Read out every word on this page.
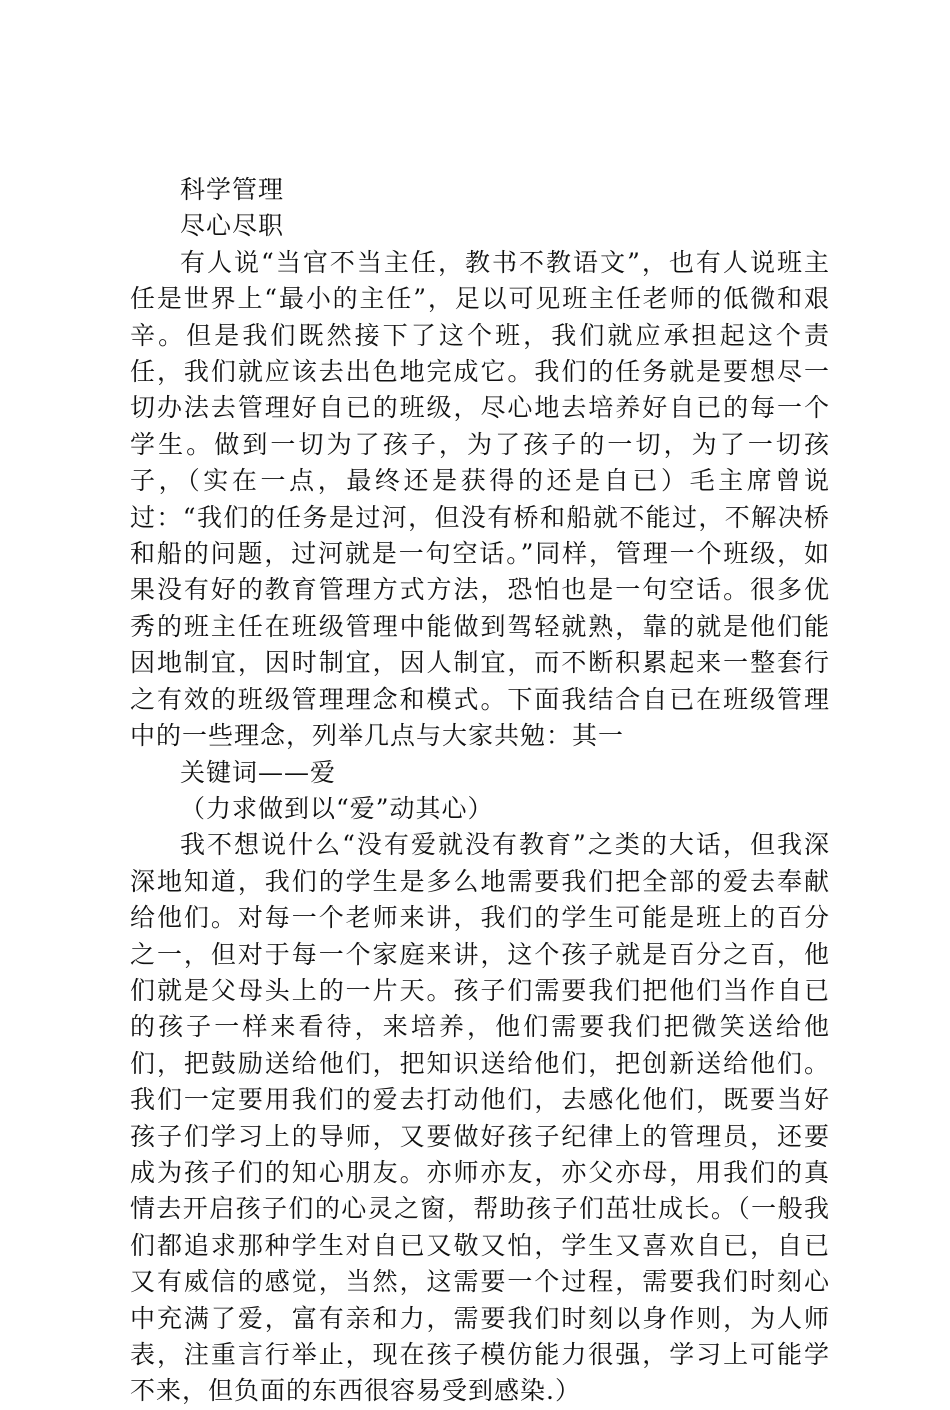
科学管理

尽心尽职

有人说“当官不当主任，教书不教语文”，也有人说班主任是世界上“最小的主任”，足以可见班主任老师的低微和艰辛。但是我们既然接下了这个班，我们就应承担起这个责任，我们就应该去出色地完成它。我们的任务就是要想尽一切办法去管理好自已的班级，尽心地去培养好自已的每一个学生。做到一切为了孩子，为了孩子的一切，为了一切孩子，（实在一点，最终还是获得的还是自已）毛主席曾说过：“我们的任务是过河，但没有桥和船就不能过，不解决桥和船的问题，过河就是一句空话。”同样，管理一个班级，如果没有好的教育管理方式方法，恐怕也是一句空话。很多优秀的班主任在班级管理中能做到驾轻就熟，靠的就是他们能因地制宜，因时制宜，因人制宜，而不断积累起来一整套行之有效的班级管理理念和模式。下面我结合自已在班级管理中的一些理念，列举几点与大家共勉：其一

关键词——爱

（力求做到以“爱”动其心）

我不想说什么“没有爱就没有教育”之类的大话，但我深深地知道，我们的学生是多么地需要我们把全部的爱去奉献给他们。对每一个老师来讲，我们的学生可能是班上的百分之一，但对于每一个家庭来讲，这个孩子就是百分之百，他们就是父母头上的一片天。孩子们需要我们把他们当作自已的孩子一样来看待，来培养，他们需要我们把微笑送给他们，把鼓励送给他们，把知识送给他们，把创新送给他们。我们一定要用我们的爱去打动他们，去感化他们，既要当好孩子们学习上的导师，又要做好孩子纪律上的管理员，还要成为孩子们的知心朋友。亦师亦友，亦父亦母，用我们的真情去开启孩子们的心灵之窗，帮助孩子们茁壮成长。（一般我们都追求那种学生对自已又敬又怕，学生又喜欢自已，自已又有威信的感觉，当然，这需要一个过程，需要我们时刻心中充满了爱，富有亲和力，需要我们时刻以身作则，为人师表，注重言行举止，现在孩子模仿能力很强，学习上可能学不来，但负面的东西很容易受到感染.）
